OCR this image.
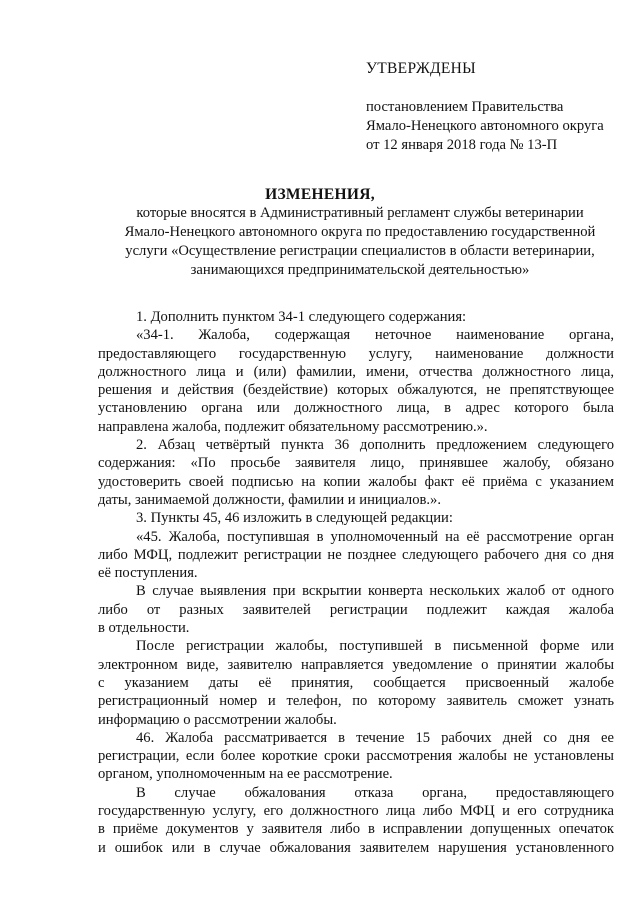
УТВЕРЖДЕНЫ
постановлением Правительства
Ямало-Ненецкого автономного округа
от 12 января 2018 года № 13-П
ИЗМЕНЕНИЯ,
которые вносятся в Административный регламент службы ветеринарии
Ямало-Ненецкого автономного округа по предоставлению государственной
услуги «Осуществление регистрации специалистов в области ветеринарии,
занимающихся предпринимательской деятельностью»
1. Дополнить пунктом 34-1 следующего содержания:
«34-1. Жалоба, содержащая неточное наименование органа,
предоставляющего государственную услугу, наименование должности
должностного лица и (или) фамилии, имени, отчества должностного лица,
решения и действия (бездействие) которых обжалуются, не препятствующее
установлению органа или должностного лица, в адрес которого была
направлена жалоба, подлежит обязательному рассмотрению.».
2. Абзац четвёртый пункта 36 дополнить предложением следующего
содержания: «По просьбе заявителя лицо, принявшее жалобу, обязано
удостоверить своей подписью на копии жалобы факт её приёма с указанием
даты, занимаемой должности, фамилии и инициалов.».
3. Пункты 45, 46 изложить в следующей редакции:
«45. Жалоба, поступившая в уполномоченный на её рассмотрение орган
либо МФЦ, подлежит регистрации не позднее следующего рабочего дня со дня
её поступления.
В случае выявления при вскрытии конверта нескольких жалоб от одного
либо от разных заявителей регистрации подлежит каждая жалоба
в отдельности.
После регистрации жалобы, поступившей в письменной форме или
электронном виде, заявителю направляется уведомление о принятии жалобы
с указанием даты её принятия, сообщается присвоенный жалобе
регистрационный номер и телефон, по которому заявитель сможет узнать
информацию о рассмотрении жалобы.
46. Жалоба рассматривается в течение 15 рабочих дней со дня ее
регистрации, если более короткие сроки рассмотрения жалобы не установлены
органом, уполномоченным на ее рассмотрение.
В случае обжалования отказа органа, предоставляющего
государственную услугу, его должностного лица либо МФЦ и его сотрудника
в приёме документов у заявителя либо в исправлении допущенных опечаток
и ошибок или в случае обжалования заявителем нарушения установленного
